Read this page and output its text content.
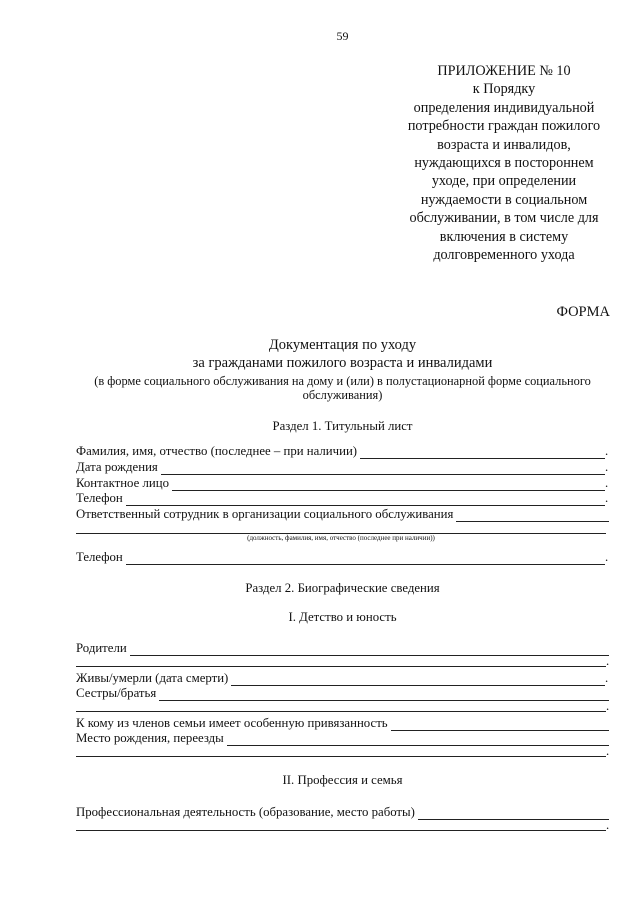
59
ПРИЛОЖЕНИЕ № 10
к Порядку
определения индивидуальной
потребности граждан пожилого
возраста и инвалидов,
нуждающихся в постороннем
уходе, при определении
нуждаемости в социальном
обслуживании, в том числе для
включения в систему
долговременного ухода
ФОРМА
Документация по уходу
за гражданами пожилого возраста и инвалидами
(в форме социального обслуживания на дому и (или) в полустационарной форме социального
обслуживания)
Раздел 1. Титульный лист
Фамилия, имя, отчество (последнее – при наличии)	.
Дата рождения	.
Контактное лицо	.
Телефон	.
Ответственный сотрудник в организации социального обслуживания
(должность, фамилия, имя, отчество (последнее при наличии))
Телефон	.
Раздел 2. Биографические сведения
I. Детство и юность
Родители
.
Живы/умерли (дата смерти)	.
Сестры/братья
.
К кому из членов семьи имеет особенную привязанность
Место рождения, переезды
.
II. Профессия и семья
Профессиональная деятельность (образование, место работы)
.
